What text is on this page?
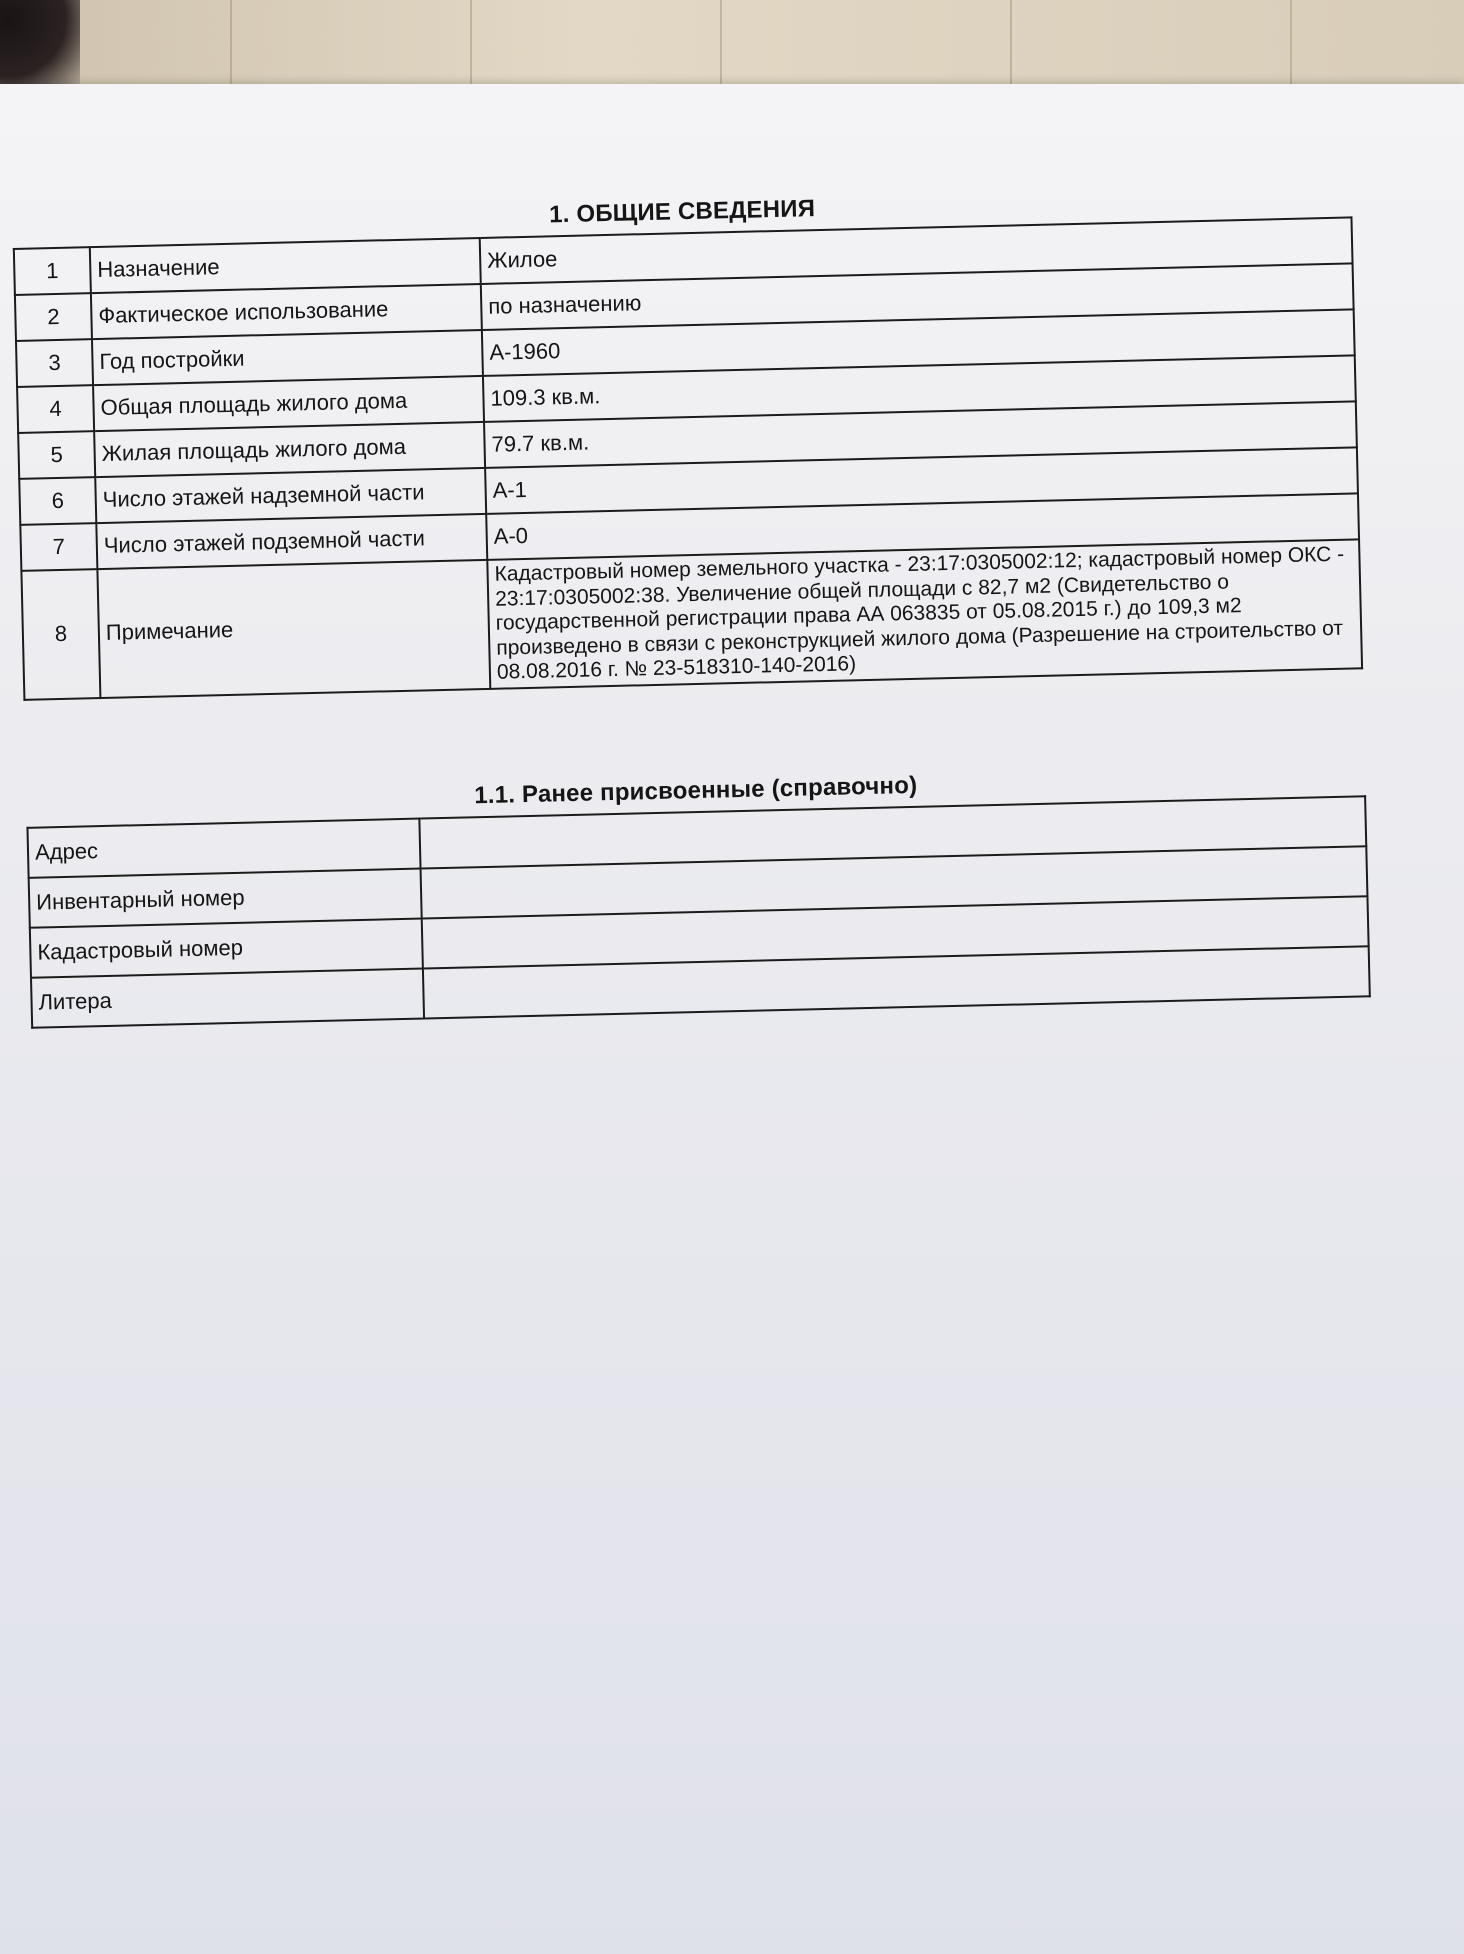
1. ОБЩИЕ СВЕДЕНИЯ
1	Назначение	Жилое
2	Фактическое использование	по назначению
3	Год постройки	А-1960
4	Общая площадь жилого дома	109.3 кв.м.
5	Жилая площадь жилого дома	79.7 кв.м.
6	Число этажей надземной части	А-1
7	Число этажей подземной части	А-0
8	Примечание	Кадастровый номер земельного участка - 23:17:0305002:12; кадастровый номер ОКС - 23:17:0305002:38. Увеличение общей площади с 82,7 м2 (Свидетельство о государственной регистрации права АА 063835 от 05.08.2015 г.) до 109,3 м2 произведено в связи с реконструкцией жилого дома (Разрешение на строительство от 08.08.2016 г. № 23-518310-140-2016)
1.1. Ранее присвоенные (справочно)
Адрес	
Инвентарный номер	
Кадастровый номер	
Литера	
